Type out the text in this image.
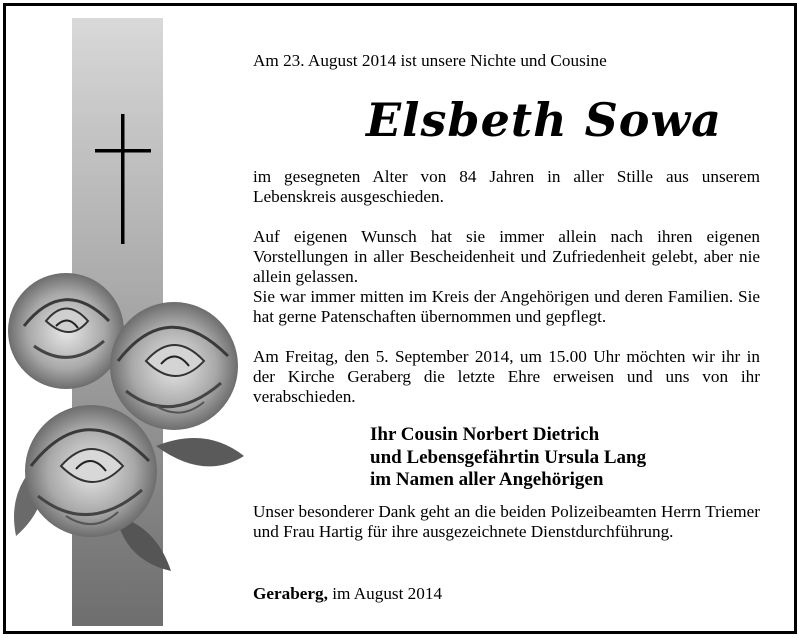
Am 23. August 2014 ist unsere Nichte und Cousine

Elsbeth Sowa

im gesegneten Alter von 84 Jahren in aller Stille aus unserem Lebenskreis ausgeschieden.

Auf eigenen Wunsch hat sie immer allein nach ihren eigenen Vorstellungen in aller Bescheidenheit und Zufriedenheit gelebt, aber nie allein gelassen.

Sie war immer mitten im Kreis der Angehörigen und deren Familien. Sie hat gerne Patenschaften übernommen und gepflegt.

Am Freitag, den 5. September 2014, um 15.00 Uhr möchten wir ihr in der Kirche Geraberg die letzte Ehre erweisen und uns von ihr verabschieden.

Ihr Cousin Norbert Dietrich
und Lebensgefährtin Ursula Lang
im Namen aller Angehörigen

Unser besonderer Dank geht an die beiden Polizeibeamten Herrn Triemer und Frau Hartig für ihre ausgezeichnete Dienstdurchführung.

Geraberg, im August 2014
